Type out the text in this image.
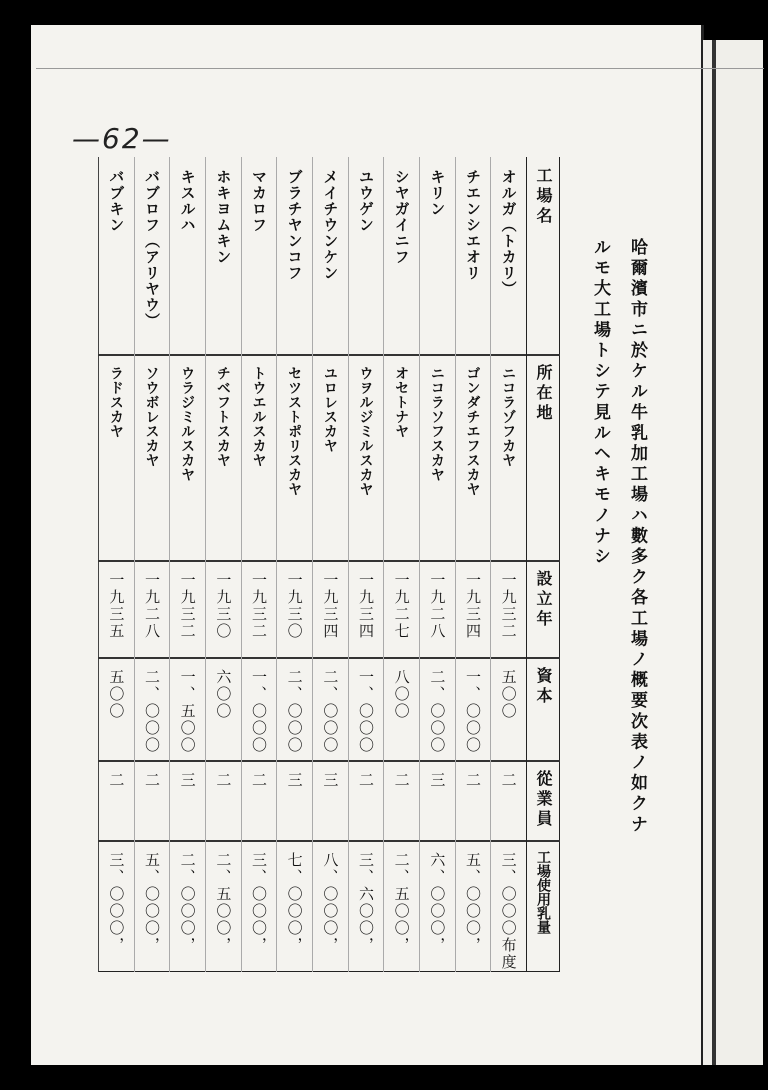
—62—
哈爾濱市ニ於ケル牛乳加工場ハ數多ク各工場ノ概要次表ノ如クナ
ルモ大工場トシテ見ルヘキモノナシ
工場名
所在地
設立年
資本
從業員
工場使用乳量
オルガ（トカリ）
ニコラゾフカヤ
一九三二
五〇〇
二
三、〇〇〇布度
チエンシエオリ
ゴンダチエフスカヤ
一九三四
一、〇〇〇
二
五、〇〇〇，
キリン
ニコラソフスカヤ
一九二八
二、〇〇〇
三
六、〇〇〇，
シヤガイニフ
オセトナヤ
一九二七
八〇〇
二
二、五〇〇，
ユウゲン
ウヲルジミルスカヤ
一九三四
一、〇〇〇
二
三、六〇〇，
メイチウンケン
ユロレスカヤ
一九三四
二、〇〇〇
三
八、〇〇〇，
ブラチヤンコフ
セツストポリスカヤ
一九三〇
二、〇〇〇
三
七、〇〇〇，
マカロフ
トウエルスカヤ
一九三二
一、〇〇〇
二
三、〇〇〇，
ホキヨムキン
チベフトスカヤ
一九三〇
六〇〇
二
二、五〇〇，
キスルハ
ウラジミルスカヤ
一九三二
一、五〇〇
三
二、〇〇〇，
バブロフ（アリヤウ）
ソウボレスカヤ
一九二八
二、〇〇〇
二
五、〇〇〇，
バブキン
ラドスカヤ
一九三五
五〇〇
二
三、〇〇〇，
